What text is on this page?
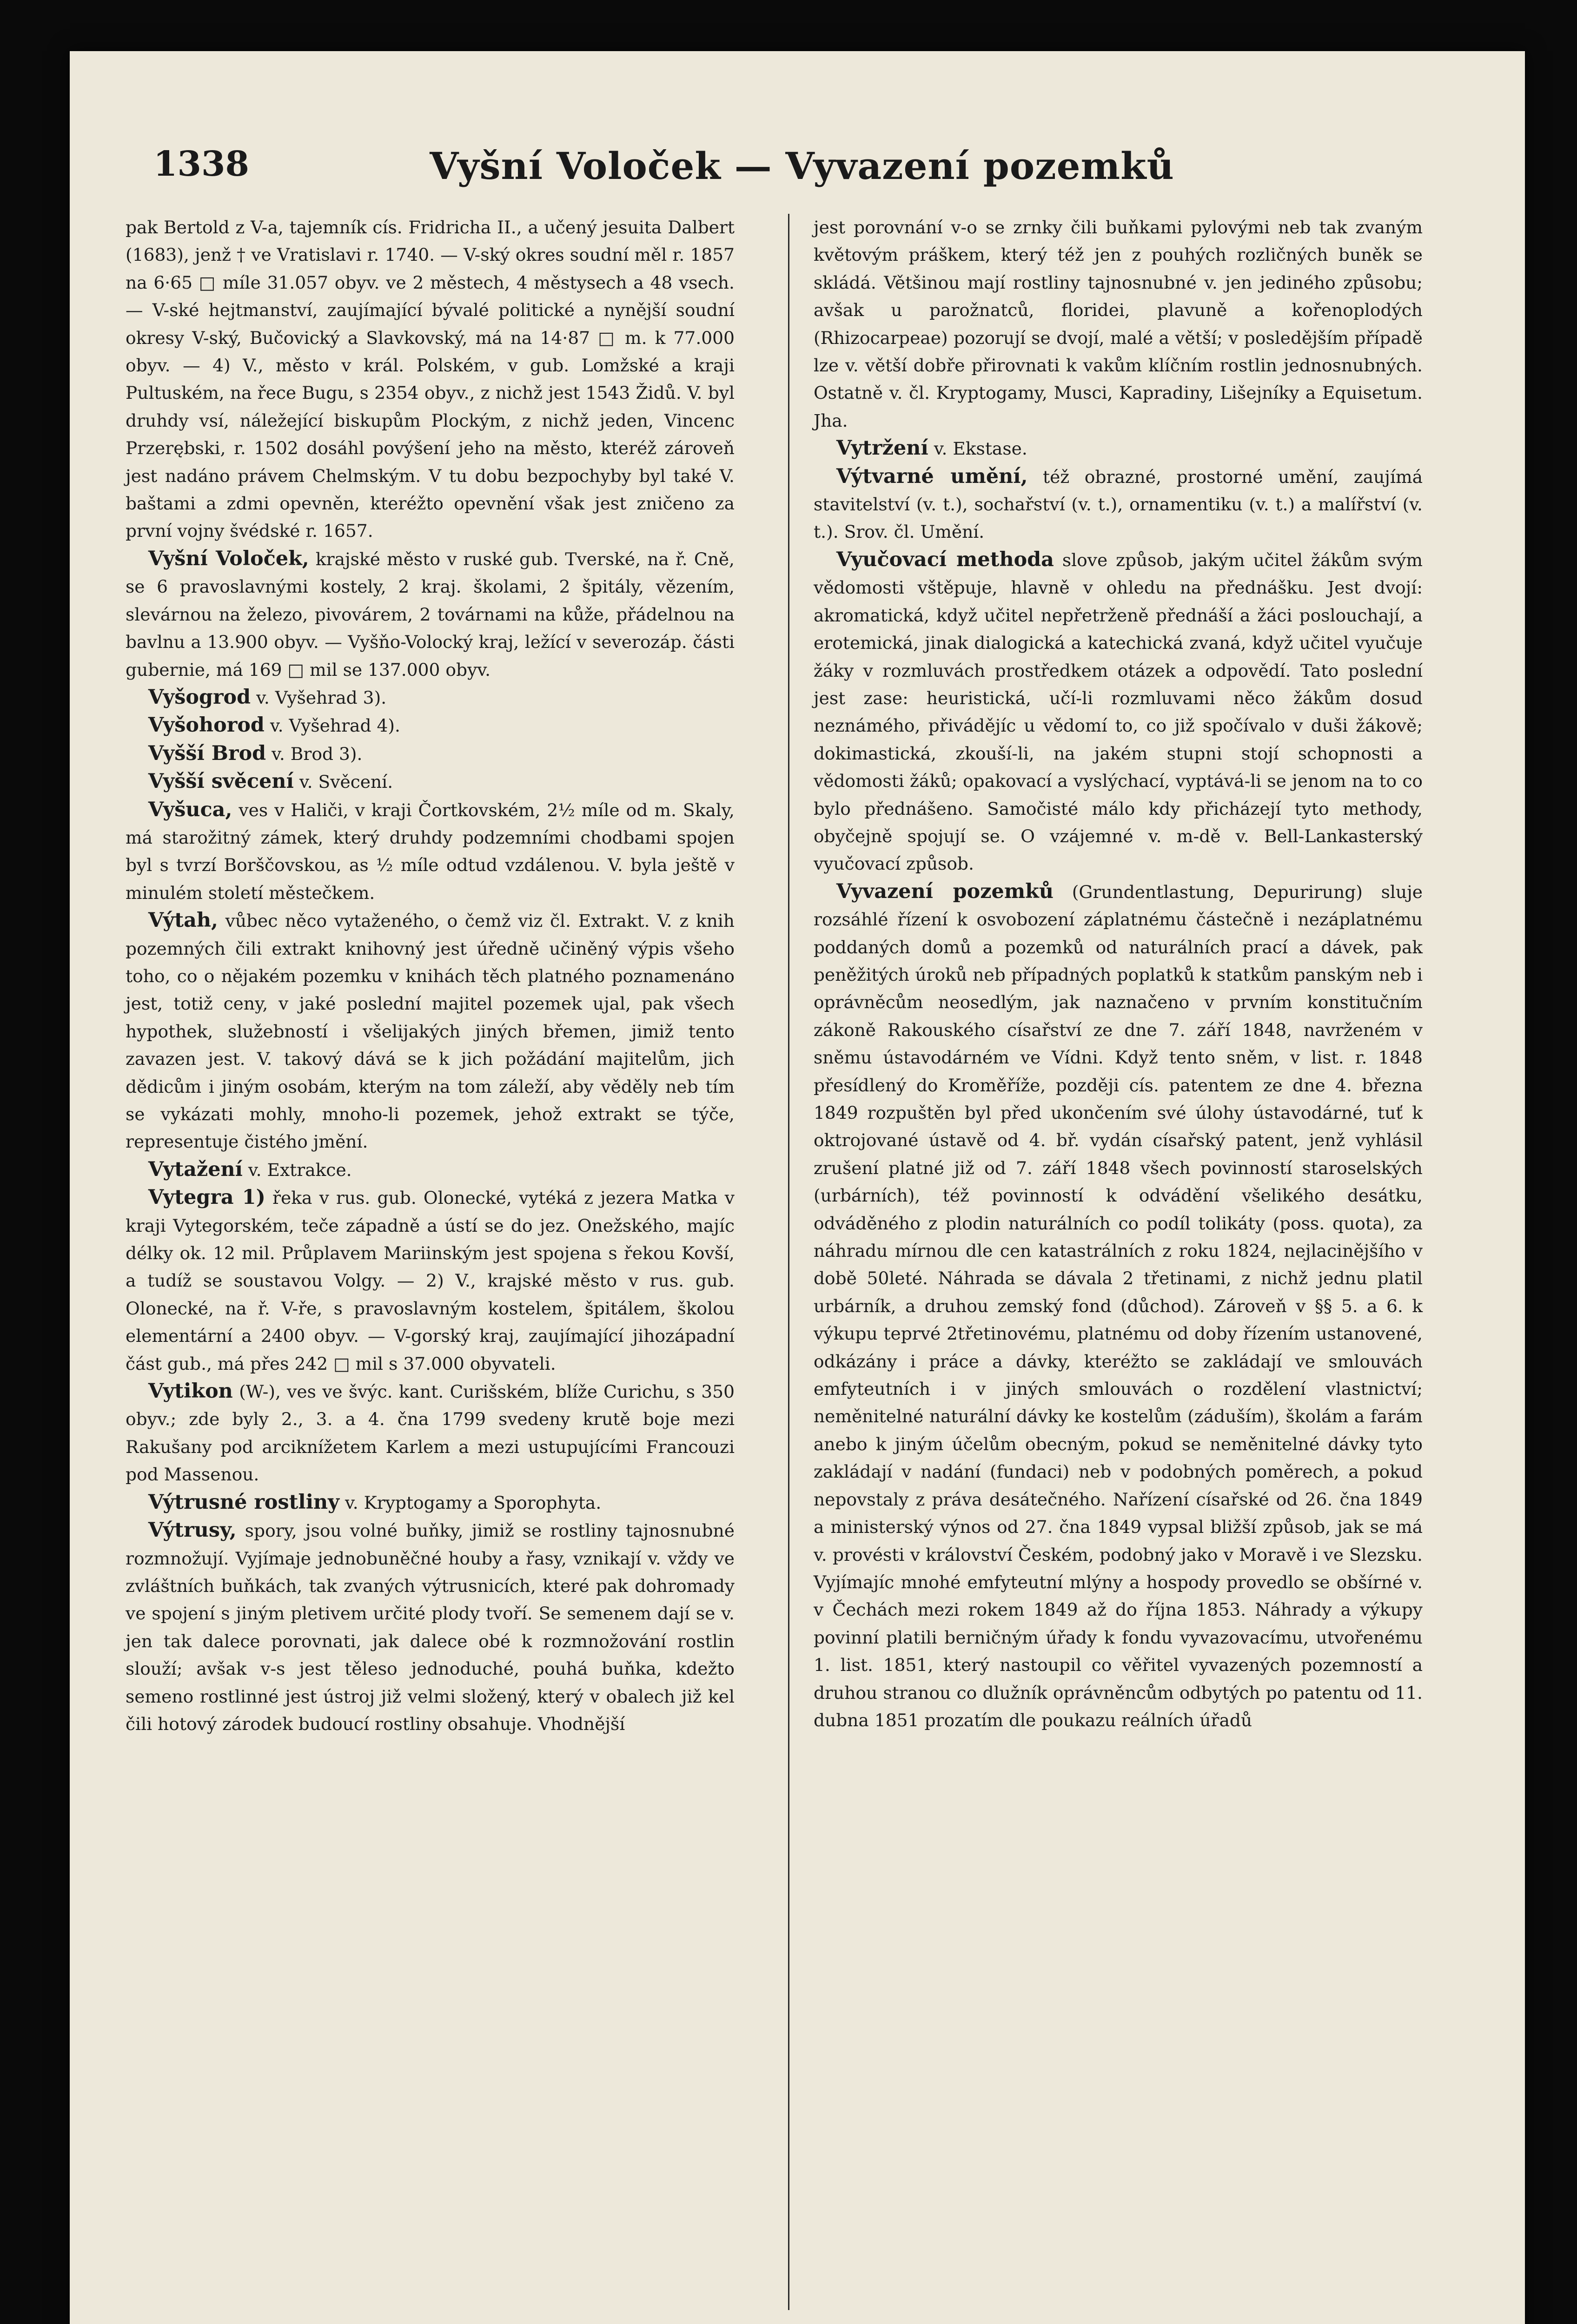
1338	Vyšní Voloček — Vyvazení pozemků

pak Bertold z V-a, tajemník cís. Fridricha II., a učený jesuita Dalbert (1683), jenž † ve Vratislavi r. 1740. — V-ský okres soudní měl r. 1857 na 6·65 □ míle 31.057 obyv. ve 2 městech, 4 městysech a 48 vsech. — V-ské hejtmanství, zaujímající bývalé politické a nynější soudní okresy V-ský, Bučovický a Slavkovský, má na 14·87 □ m. k 77.000 obyv. — 4) V., město v král. Polském, v gub. Lomžské a kraji Pultuském, na řece Bugu, s 2354 obyv., z nichž jest 1543 Židů. V. byl druhdy vsí, náležející biskupům Plockým, z nichž jeden, Vincenc Przerębski, r. 1502 dosáhl povýšení jeho na město, kteréž zároveň jest nadáno právem Chelmským. V tu dobu bezpochyby byl také V. baštami a zdmi opevněn, kteréžto opevnění však jest zničeno za první vojny švédské r. 1657.

Vyšní Voloček, krajské město v ruské gub. Tverské, na ř. Cně, se 6 pravoslavnými kostely, 2 kraj. školami, 2 špitály, vězením, slevárnou na železo, pivovárem, 2 továrnami na kůže, přádelnou na bavlnu a 13.900 obyv. — Vyšňo-Volocký kraj, ležící v severozáp. části gubernie, má 169 □ mil se 137.000 obyv.

Vyšogrod v. Vyšehrad 3).

Vyšohorod v. Vyšehrad 4).

Vyšší Brod v. Brod 3).

Vyšší svěcení v. Svěcení.

Vyšuca, ves v Haliči, v kraji Čortkovském, 2½ míle od m. Skaly, má starožitný zámek, který druhdy podzemními chodbami spojen byl s tvrzí Borščovskou, as ½ míle odtud vzdálenou. V. byla ještě v minulém století městečkem.

Výtah, vůbec něco vytaženého, o čemž viz čl. Extrakt. V. z knih pozemných čili extrakt knihovný jest úředně učiněný výpis všeho toho, co o nějakém pozemku v knihách těch platného poznamenáno jest, totiž ceny, v jaké poslední majitel pozemek ujal, pak všech hypothek, služebností i všelijakých jiných břemen, jimiž tento zavazen jest. V. takový dává se k jich požádání majitelům, jich dědicům i jiným osobám, kterým na tom záleží, aby věděly neb tím se vykázati mohly, mnoho-li pozemek, jehož extrakt se týče, representuje čistého jmění.

Vytažení v. Extrakce.

Vytegra 1) řeka v rus. gub. Olonecké, vytéká z jezera Matka v kraji Vytegorském, teče západně a ústí se do jez. Onežského, majíc délky ok. 12 mil. Průplavem Mariinským jest spojena s řekou Kovší, a tudíž se soustavou Volgy. — 2) V., krajské město v rus. gub. Olonecké, na ř. V-ře, s pravoslavným kostelem, špitálem, školou elementární a 2400 obyv. — V-gorský kraj, zaujímající jihozápadní část gub., má přes 242 □ mil s 37.000 obyvateli.

Vytikon (W-), ves ve švýc. kant. Curišském, blíže Curichu, s 350 obyv.; zde byly 2., 3. a 4. čna 1799 svedeny krutě boje mezi Rakušany pod arciknížetem Karlem a mezi ustupujícími Francouzi pod Massenou.

Výtrusné rostliny v. Kryptogamy a Sporophyta.

Výtrusy, spory, jsou volné buňky, jimiž se rostliny tajnosnubné rozmnožují. Vyjímaje jednobuněčné houby a řasy, vznikají v. vždy ve zvláštních buňkách, tak zvaných výtrusnicích, které pak dohromady ve spojení s jiným pletivem určité plody tvoří. Se semenem dají se v. jen tak dalece porovnati, jak dalece obé k rozmnožování rostlin slouží; avšak v-s jest těleso jednoduché, pouhá buňka, kdežto semeno rostlinné jest ústroj již velmi složený, který v obalech již kel čili hotový zárodek budoucí rostliny obsahuje. Vhodnější

jest porovnání v-o se zrnky čili buňkami pylovými neb tak zvaným květovým práškem, který též jen z pouhých rozličných buněk se skládá. Většinou mají rostliny tajnosnubné v. jen jediného způsobu; avšak u parožnatců, floridei, plavuně a kořenoplodých (Rhizocarpeae) pozorují se dvojí, malé a větší; v posledějším případě lze v. větší dobře přirovnati k vakům klíčním rostlin jednosnubných. Ostatně v. čl. Kryptogamy, Musci, Kapradiny, Lišejníky a Equisetum. Jha.

Vytržení v. Ekstase.

Výtvarné umění, též obrazné, prostorné umění, zaujímá stavitelství (v. t.), sochařství (v. t.), ornamentiku (v. t.) a malířství (v. t.). Srov. čl. Umění.

Vyučovací methoda slove způsob, jakým učitel žákům svým vědomosti vštěpuje, hlavně v ohledu na přednášku. Jest dvojí: akromatická, když učitel nepřetrženě přednáší a žáci poslouchají, a erotemická, jinak dialogická a katechická zvaná, když učitel vyučuje žáky v rozmluvách prostředkem otázek a odpovědí. Tato poslední jest zase: heuristická, učí-li rozmluvami něco žákům dosud neznámého, přivádějíc u vědomí to, co již spočívalo v duši žákově; dokimastická, zkouší-li, na jakém stupni stojí schopnosti a vědomosti žáků; opakovací a vyslýchací, vyptává-li se jenom na to co bylo přednášeno. Samočisté málo kdy přicházejí tyto methody, obyčejně spojují se. O vzájemné v. m-dě v. Bell-Lankasterský vyučovací způsob.

Vyvazení pozemků (Grundentlastung, Depurirung) sluje rozsáhlé řízení k osvobození záplatnému částečně i nezáplatnému poddaných domů a pozemků od naturálních prací a dávek, pak peněžitých úroků neb případných poplatků k statkům panským neb i oprávněcům neosedlým, jak naznačeno v prvním konstitučním zákoně Rakouského císařství ze dne 7. září 1848, navrženém v sněmu ústavodárném ve Vídni. Když tento sněm, v list. r. 1848 přesídlený do Kroměříže, později cís. patentem ze dne 4. března 1849 rozpuštěn byl před ukončením své úlohy ústavodárné, tuť k oktrojované ústavě od 4. bř. vydán císařský patent, jenž vyhlásil zrušení platné již od 7. září 1848 všech povinností staroselských (urbárních), též povinností k odvádění všelikého desátku, odváděného z plodin naturálních co podíl tolikáty (poss. quota), za náhradu mírnou dle cen katastrálních z roku 1824, nejlacinějšího v době 50leté. Náhrada se dávala 2 třetinami, z nichž jednu platil urbárník, a druhou zemský fond (důchod). Zároveň v §§ 5. a 6. k výkupu teprvé 2třetinovému, platnému od doby řízením ustanovené, odkázány i práce a dávky, kteréžto se zakládají ve smlouvách emfyteutních i v jiných smlouvách o rozdělení vlastnictví; neměnitelné naturální dávky ke kostelům (záduším), školám a farám anebo k jiným účelům obecným, pokud se neměnitelné dávky tyto zakládají v nadání (fundaci) neb v podobných poměrech, a pokud nepovstaly z práva desátečného. Nařízení císařské od 26. čna 1849 a ministerský výnos od 27. čna 1849 vypsal bližší způsob, jak se má v. provésti v království Českém, podobný jako v Moravě i ve Slezsku. Vyjímajíc mnohé emfyteutní mlýny a hospody provedlo se obšírné v. v Čechách mezi rokem 1849 až do října 1853. Náhrady a výkupy povinní platili berničným úřady k fondu vyvazovacímu, utvořenému 1. list. 1851, který nastoupil co věřitel vyvazených pozemností a druhou stranou co dlužník oprávněncům odbytých po patentu od 11. dubna 1851 prozatím dle poukazu reálních úřadů
